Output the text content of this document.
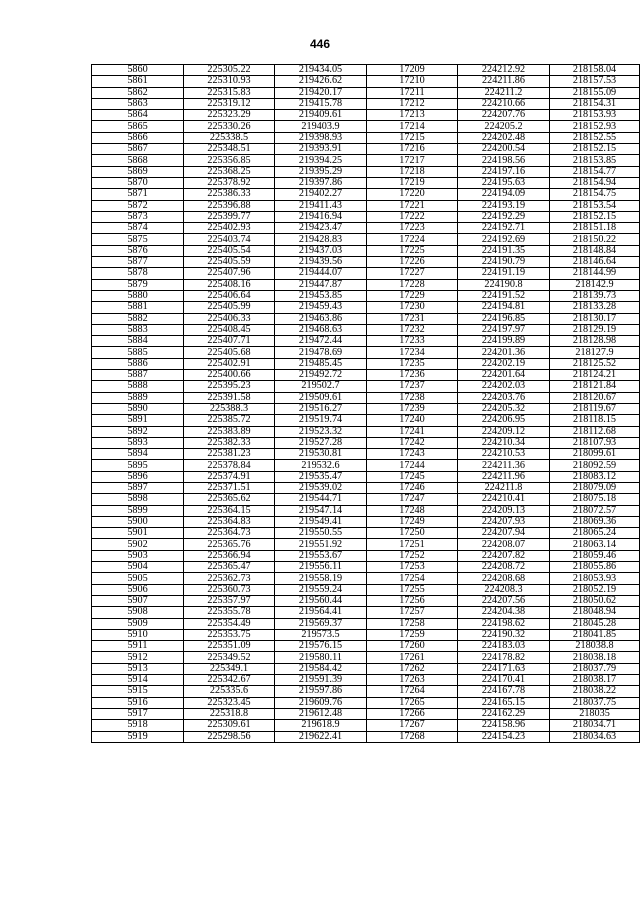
446
5860	225305.22	219434.05	17209	224212.92	218158.04
5861	225310.93	219426.62	17210	224211.86	218157.53
5862	225315.83	219420.17	17211	224211.2	218155.09
5863	225319.12	219415.78	17212	224210.66	218154.31
5864	225323.29	219409.61	17213	224207.76	218153.93
5865	225330.26	219403.9	17214	224205.2	218152.93
5866	225338.5	219398.93	17215	224202.48	218152.55
5867	225348.51	219393.91	17216	224200.54	218152.15
5868	225356.85	219394.25	17217	224198.56	218153.85
5869	225368.25	219395.29	17218	224197.16	218154.77
5870	225378.92	219397.86	17219	224195.63	218154.94
5871	225386.33	219402.27	17220	224194.09	218154.75
5872	225396.88	219411.43	17221	224193.19	218153.54
5873	225399.77	219416.94	17222	224192.29	218152.15
5874	225402.93	219423.47	17223	224192.71	218151.18
5875	225403.74	219428.83	17224	224192.69	218150.22
5876	225405.54	219437.03	17225	224191.35	218148.84
5877	225405.59	219439.56	17226	224190.79	218146.64
5878	225407.96	219444.07	17227	224191.19	218144.99
5879	225408.16	219447.87	17228	224190.8	218142.9
5880	225406.64	219453.85	17229	224191.52	218139.73
5881	225405.99	219459.43	17230	224194.81	218133.28
5882	225406.33	219463.86	17231	224196.85	218130.17
5883	225408.45	219468.63	17232	224197.97	218129.19
5884	225407.71	219472.44	17233	224199.89	218128.98
5885	225405.68	219478.69	17234	224201.36	218127.9
5886	225402.91	219485.45	17235	224202.19	218125.52
5887	225400.66	219492.72	17236	224201.64	218124.21
5888	225395.23	219502.7	17237	224202.03	218121.84
5889	225391.58	219509.61	17238	224203.76	218120.67
5890	225388.3	219516.27	17239	224205.32	218119.67
5891	225385.72	219519.74	17240	224206.95	218118.15
5892	225383.89	219523.32	17241	224209.12	218112.68
5893	225382.33	219527.28	17242	224210.34	218107.93
5894	225381.23	219530.81	17243	224210.53	218099.61
5895	225378.84	219532.6	17244	224211.36	218092.59
5896	225374.91	219535.47	17245	224211.96	218083.12
5897	225371.51	219539.02	17246	224211.8	218079.09
5898	225365.62	219544.71	17247	224210.41	218075.18
5899	225364.15	219547.14	17248	224209.13	218072.57
5900	225364.83	219549.41	17249	224207.93	218069.36
5901	225364.73	219550.55	17250	224207.94	218065.24
5902	225365.76	219551.92	17251	224208.07	218063.14
5903	225366.94	219553.67	17252	224207.82	218059.46
5904	225365.47	219556.11	17253	224208.72	218055.86
5905	225362.73	219558.19	17254	224208.68	218053.93
5906	225360.73	219559.24	17255	224208.3	218052.19
5907	225357.97	219560.44	17256	224207.56	218050.62
5908	225355.78	219564.41	17257	224204.38	218048.94
5909	225354.49	219569.37	17258	224198.62	218045.28
5910	225353.75	219573.5	17259	224190.32	218041.85
5911	225351.09	219576.15	17260	224183.03	218038.8
5912	225349.52	219580.11	17261	224178.82	218038.18
5913	225349.1	219584.42	17262	224171.63	218037.79
5914	225342.67	219591.39	17263	224170.41	218038.17
5915	225335.6	219597.86	17264	224167.78	218038.22
5916	225323.45	219609.76	17265	224165.15	218037.75
5917	225318.8	219612.48	17266	224162.29	218035
5918	225309.61	219618.9	17267	224158.96	218034.71
5919	225298.56	219622.41	17268	224154.23	218034.63
